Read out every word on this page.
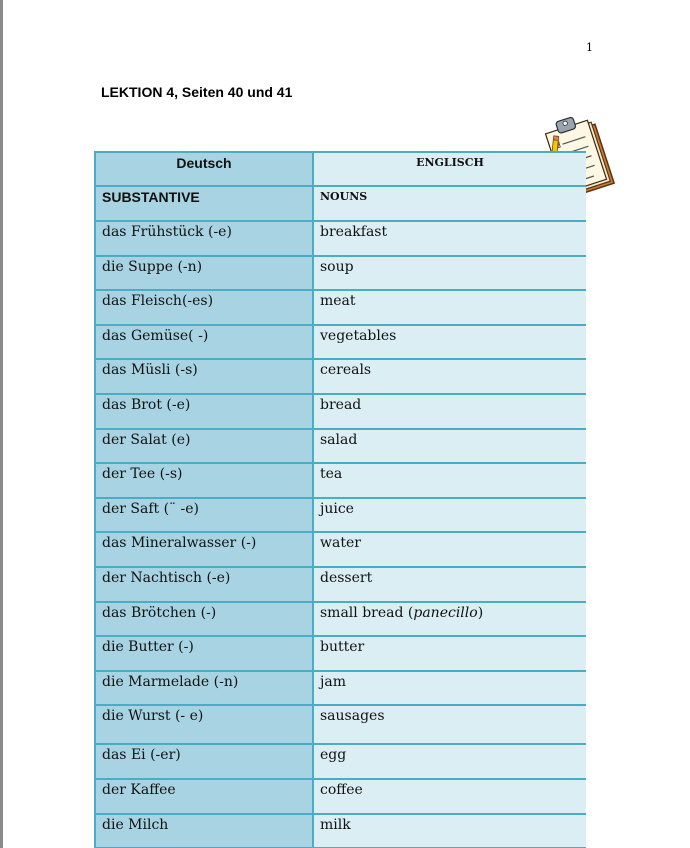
1
LEKTION 4, Seiten 40 und 41
Deutsch	ENGLISCH
SUBSTANTIVE	NOUNS
das Frühstück (-e)	breakfast
die Suppe (-n)	soup
das Fleisch(-es)	meat
das Gemüse( -)	vegetables
das Müsli (-s)	cereals
das Brot (-e)	bread
der Salat (e)	salad
der Tee (-s)	tea
der Saft (¨ -e)	juice
das Mineralwasser (-)	water
der Nachtisch (-e)	dessert
das Brötchen (-)	small bread ( panecillo )
die Butter (-)	butter
die Marmelade (-n)	jam
die Wurst (- e)	sausages
das Ei (-er)	egg
der Kaffee	coffee
die Milch	milk
